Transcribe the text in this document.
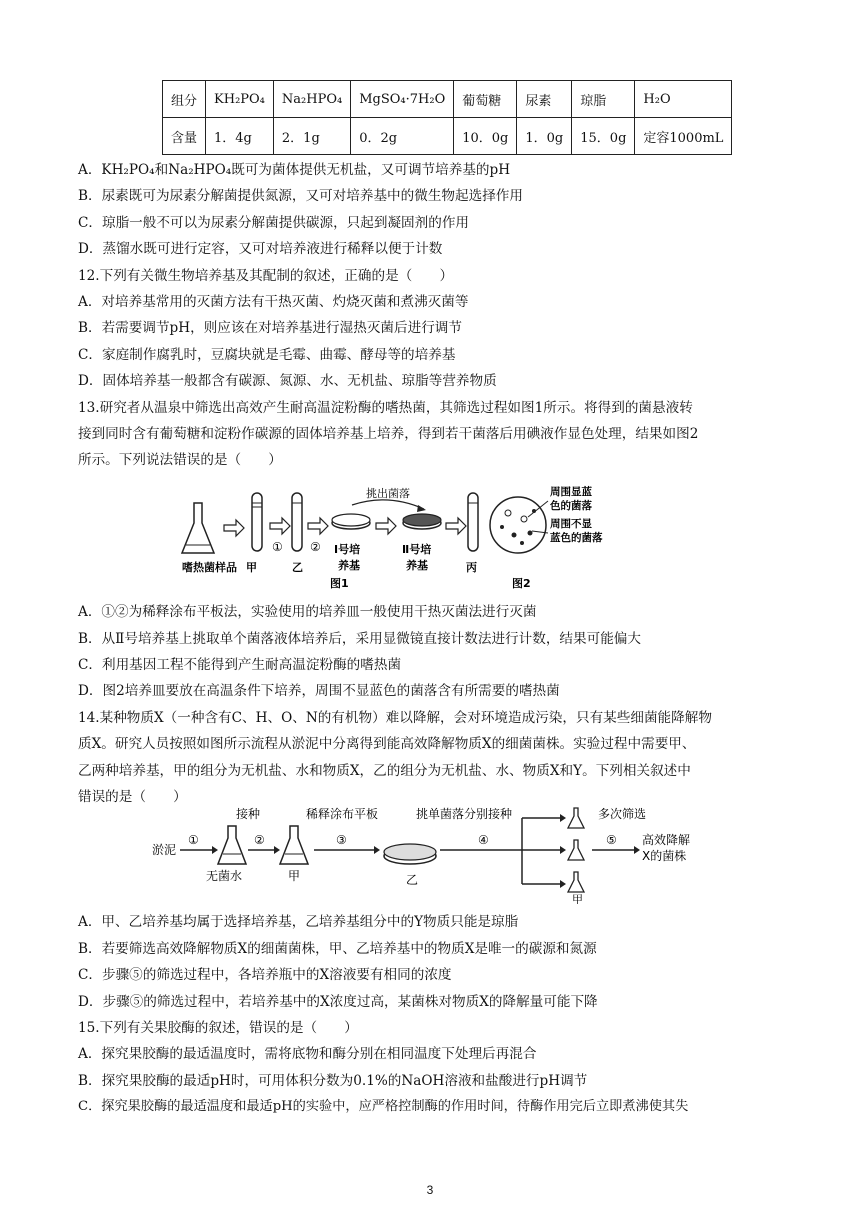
组分	KH₂PO₄	Na₂HPO₄	MgSO₄·7H₂O	葡萄糖	尿素	琼脂	H₂O
含量	1．4g	2．1g	0．2g	10．0g	1．0g	15．0g	定容1000mL
A．KH₂PO₄和Na₂HPO₄既可为菌体提供无机盐，又可调节培养基的pH
B．尿素既可为尿素分解菌提供氮源，又可对培养基中的微生物起选择作用
C．琼脂一般不可以为尿素分解菌提供碳源，只起到凝固剂的作用
D．蒸馏水既可进行定容，又可对培养液进行稀释以便于计数
12.下列有关微生物培养基及其配制的叙述，正确的是（　　）
A．对培养基常用的灭菌方法有干热灭菌、灼烧灭菌和煮沸灭菌等
B．若需要调节pH，则应该在对培养基进行湿热灭菌后进行调节
C．家庭制作腐乳时，豆腐块就是毛霉、曲霉、酵母等的培养基
D．固体培养基一般都含有碳源、氮源、水、无机盐、琼脂等营养物质
13.研究者从温泉中筛选出高效产生耐高温淀粉酶的嗜热菌，其筛选过程如图1所示。将得到的菌悬液转
接到同时含有葡萄糖和淀粉作碳源的固体培养基上培养，得到若干菌落后用碘液作显色处理，结果如图2
所示。下列说法错误的是（　　）
① ②
挑出菌落
嗜热菌样品 甲	乙
Ⅰ号培
养基
Ⅱ号培
养基	丙
图1	图2
周围显蓝
色的菌落
周围不显
蓝色的菌落
A．①②为稀释涂布平板法，实验使用的培养皿一般使用干热灭菌法进行灭菌
B．从Ⅱ号培养基上挑取单个菌落液体培养后，采用显微镜直接计数法进行计数，结果可能偏大
C．利用基因工程不能得到产生耐高温淀粉酶的嗜热菌
D．图2培养皿要放在高温条件下培养，周围不显蓝色的菌落含有所需要的嗜热菌
14.某种物质X（一种含有C、H、O、N的有机物）难以降解，会对环境造成污染，只有某些细菌能降解物
质X。研究人员按照如图所示流程从淤泥中分离得到能高效降解物质X的细菌菌株。实验过程中需要甲、
乙两种培养基，甲的组分为无机盐、水和物质X，乙的组分为无机盐、水、物质X和Y。下列相关叙述中
错误的是（　　）
淤泥
①
接种
无菌水
②
甲
稀释涂布平板
③
乙
挑单菌落分别接种
④
甲
多次筛选
⑤ 高效降解
X的菌株
A．甲、乙培养基均属于选择培养基，乙培养基组分中的Y物质只能是琼脂
B．若要筛选高效降解物质X的细菌菌株，甲、乙培养基中的物质X是唯一的碳源和氮源
C．步骤⑤的筛选过程中，各培养瓶中的X溶液要有相同的浓度
D．步骤⑤的筛选过程中，若培养基中的X浓度过高，某菌株对物质X的降解量可能下降
15.下列有关果胶酶的叙述，错误的是（　　）
A．探究果胶酶的最适温度时，需将底物和酶分别在相同温度下处理后再混合
B．探究果胶酶的最适pH时，可用体积分数为0.1%的NaOH溶液和盐酸进行pH调节
C．探究果胶酶的最适温度和最适pH的实验中，应严格控制酶的作用时间，待酶作用完后立即煮沸使其失
3
